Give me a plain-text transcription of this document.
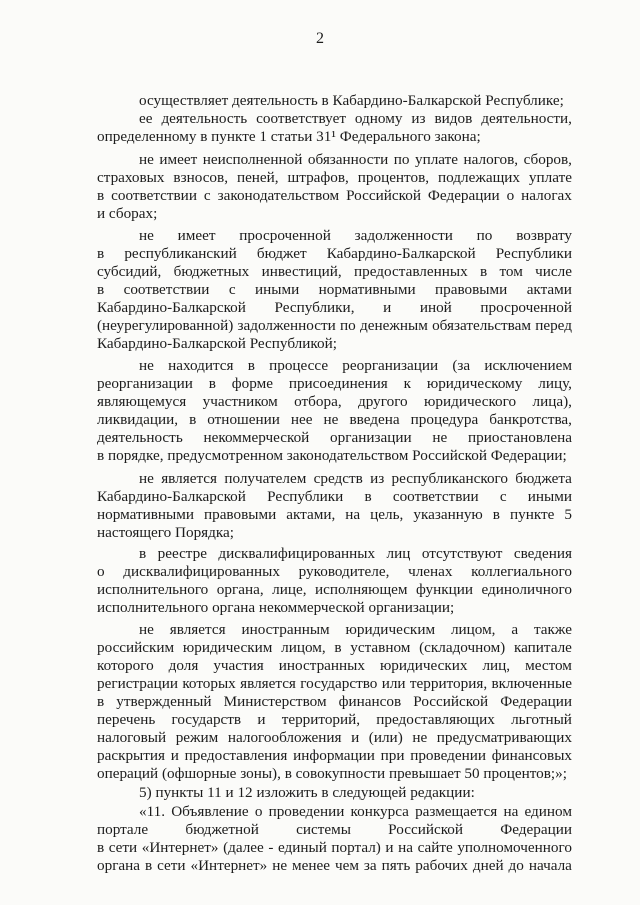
2
осуществляет деятельность в Кабардино-Балкарской Республике;
ее деятельность соответствует одному из видов деятельности,
определенному в пункте 1 статьи 31¹ Федерального закона;
не имеет неисполненной обязанности по уплате налогов, сборов,
страховых взносов, пеней, штрафов, процентов, подлежащих уплате
в соответствии с законодательством Российской Федерации о налогах
и сборах;
не имеет просроченной задолженности по возврату
в республиканский бюджет Кабардино-Балкарской Республики
субсидий, бюджетных инвестиций, предоставленных в том числе
в соответствии с иными нормативными правовыми актами
Кабардино-Балкарской Республики, и иной просроченной
(неурегулированной) задолженности по денежным обязательствам перед
Кабардино-Балкарской Республикой;
не находится в процессе реорганизации (за исключением
реорганизации в форме присоединения к юридическому лицу,
являющемуся участником отбора, другого юридического лица),
ликвидации, в отношении нее не введена процедура банкротства,
деятельность некоммерческой организации не приостановлена
в порядке, предусмотренном законодательством Российской Федерации;
не является получателем средств из республиканского бюджета
Кабардино-Балкарской Республики в соответствии с иными
нормативными правовыми актами, на цель, указанную в пункте 5
настоящего Порядка;
в реестре дисквалифицированных лиц отсутствуют сведения
о дисквалифицированных руководителе, членах коллегиального
исполнительного органа, лице, исполняющем функции единоличного
исполнительного органа некоммерческой организации;
не является иностранным юридическим лицом, а также
российским юридическим лицом, в уставном (складочном) капитале
которого доля участия иностранных юридических лиц, местом
регистрации которых является государство или территория, включенные
в утвержденный Министерством финансов Российской Федерации
перечень государств и территорий, предоставляющих льготный
налоговый режим налогообложения и (или) не предусматривающих
раскрытия и предоставления информации при проведении финансовых
операций (офшорные зоны), в совокупности превышает 50 процентов;»;
5) пункты 11 и 12 изложить в следующей редакции:
«11. Объявление о проведении конкурса размещается на едином
портале бюджетной системы Российской Федерации
в сети «Интернет» (далее - единый портал) и на сайте уполномоченного
органа в сети «Интернет» не менее чем за пять рабочих дней до начала
